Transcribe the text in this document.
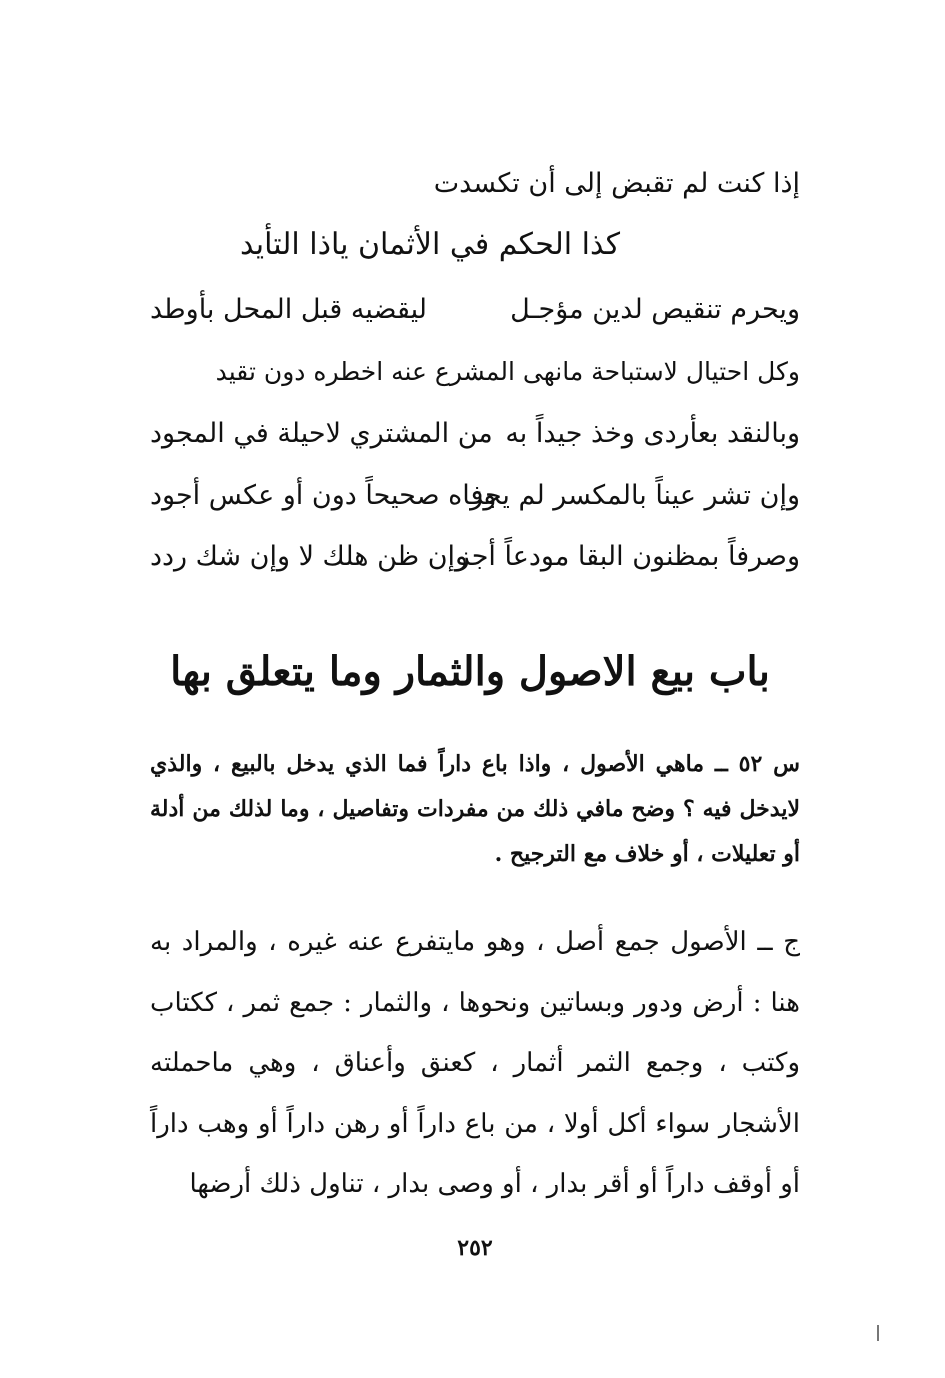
إذا كنت لم تقبض إلى أن تكسدت
كذا الحكم في الأثمان ياذا التأيد
ويحرم تنقيص لدين مؤجـل
ليقضيه قبل المحل بأوطد
وكل احتيال لاستباحة مانهى المشرع عنه اخطره دون تقيد
وبالنقد بعأردى وخذ جيداً به
من المشتري لاحيلة في المجود
وإن تشر عيناً بالمكسر لم يجز
وفاه صحيحاً دون أو عكس أجود
وصرفاً بمظنون البقا مودعاً أجز
وإن ظن هلك لا وإن شك ردد
باب بيع الاصول والثمار وما يتعلق بها
س ٥٢ ــ ماهي الأصول ، واذا باع داراً فما الذي يدخل بالبيع ، والذي لايدخل فيه ؟ وضح مافي ذلك من مفردات وتفاصيل ، وما لذلك من أدلة أو تعليلات ، أو خلاف مع الترجيح .
ج ــ الأصول جمع أصل ، وهو مايتفرع عنه غيره ، والمراد به هنا : أرض ودور وبساتين ونحوها ، والثمار : جمع ثمر ، ككتاب وكتب ، وجمع الثمر أثمار ، كعنق وأعناق ، وهي ماحملته الأشجار سواء أكل أولا ، من باع داراً أو رهن داراً أو وهب داراً أو أوقف داراً أو أقر بدار ، أو وصى بدار ، تناول ذلك أرضها
٢٥٢
